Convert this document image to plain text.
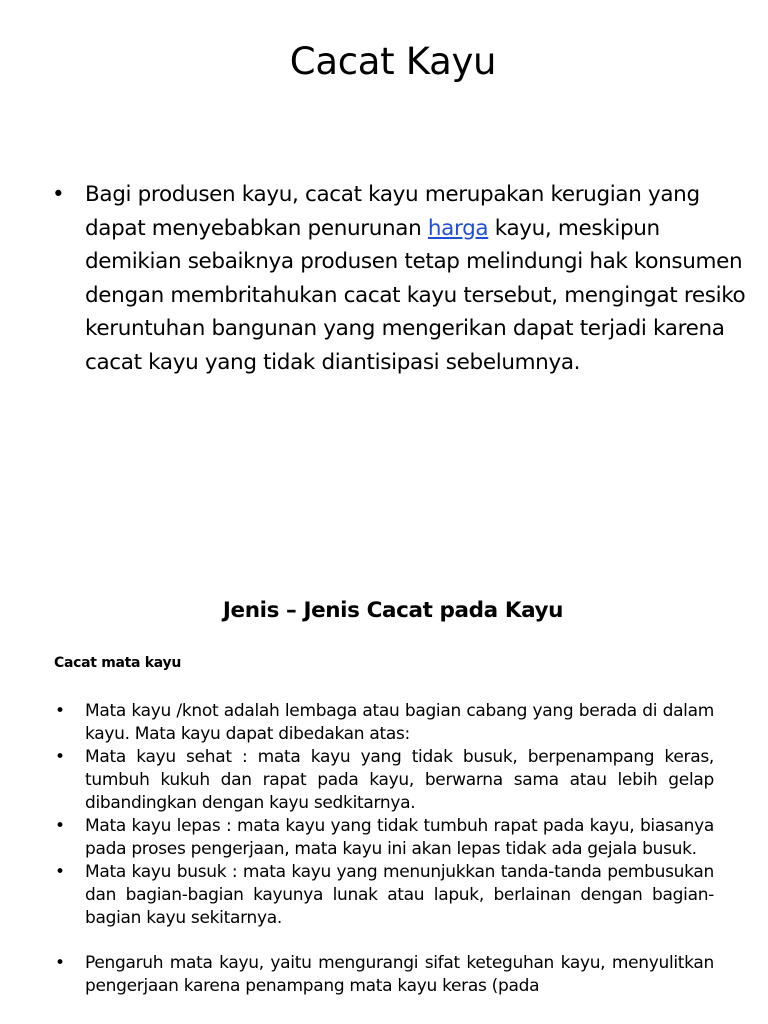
Cacat Kayu
• Bagi produsen kayu, cacat kayu merupakan kerugian yang dapat menyebabkan penurunan harga kayu, meskipun demikian sebaiknya produsen tetap melindungi hak konsumen dengan membritahukan cacat kayu tersebut, mengingat resiko keruntuhan bangunan yang mengerikan dapat terjadi karena cacat kayu yang tidak diantisipasi sebelumnya.

Jenis – Jenis Cacat pada Kayu
Cacat mata kayu
• Mata kayu /knot adalah lembaga atau bagian cabang yang berada di dalam kayu. Mata kayu dapat dibedakan atas:
• Mata kayu sehat : mata kayu yang tidak busuk, berpenampang keras, tumbuh kukuh dan rapat pada kayu, berwarna sama atau lebih gelap dibandingkan dengan kayu sedkitarnya.
• Mata kayu lepas : mata kayu yang tidak tumbuh rapat pada kayu, biasanya pada proses pengerjaan, mata kayu ini akan lepas tidak ada gejala busuk.
• Mata kayu busuk : mata kayu yang menunjukkan tanda-tanda pembusukan dan bagian-bagian kayunya lunak atau lapuk, berlainan dengan bagian- bagian kayu sekitarnya.
• Pengaruh mata kayu, yaitu mengurangi sifat keteguhan kayu, menyulitkan pengerjaan karena penampang mata kayu keras (pada
